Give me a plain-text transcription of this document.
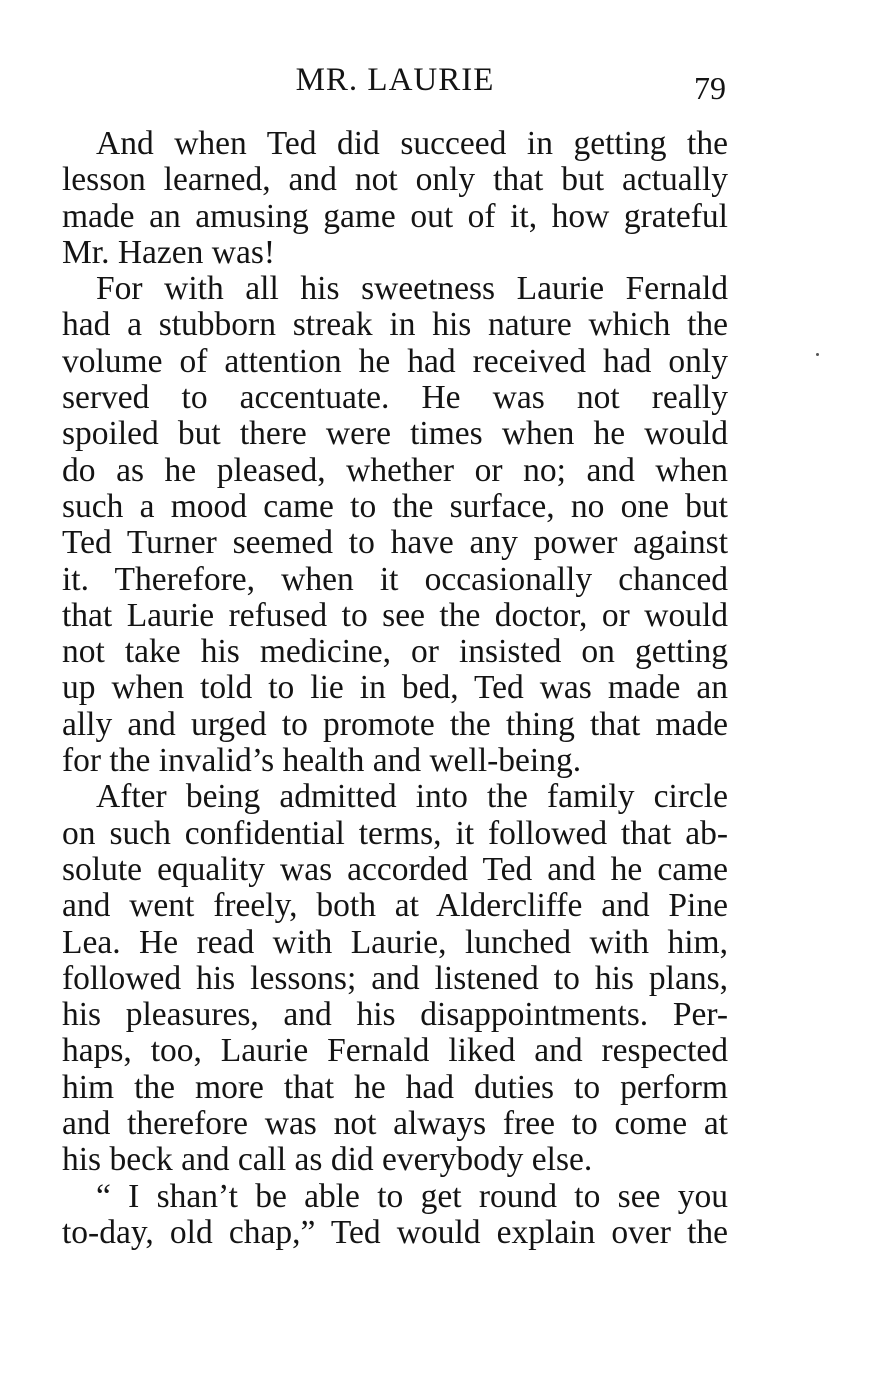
MR. LAURIE	79

And when Ted did succeed in getting the
lesson learned, and not only that but actually
made an amusing game out of it, how grateful
Mr. Hazen was!

For with all his sweetness Laurie Fernald
had a stubborn streak in his nature which the
volume of attention he had received had only
served to accentuate. He was not really
spoiled but there were times when he would
do as he pleased, whether or no; and when
such a mood came to the surface, no one but
Ted Turner seemed to have any power against
it. Therefore, when it occasionally chanced
that Laurie refused to see the doctor, or would
not take his medicine, or insisted on getting
up when told to lie in bed, Ted was made an
ally and urged to promote the thing that made
for the invalid’s health and well-being.

After being admitted into the family circle
on such confidential terms, it followed that ab-
solute equality was accorded Ted and he came
and went freely, both at Aldercliffe and Pine
Lea. He read with Laurie, lunched with him,
followed his lessons; and listened to his plans,
his pleasures, and his disappointments. Per-
haps, too, Laurie Fernald liked and respected
him the more that he had duties to perform
and therefore was not always free to come at
his beck and call as did everybody else.

“ I shan’t be able to get round to see you
to-day, old chap,” Ted would explain over the
